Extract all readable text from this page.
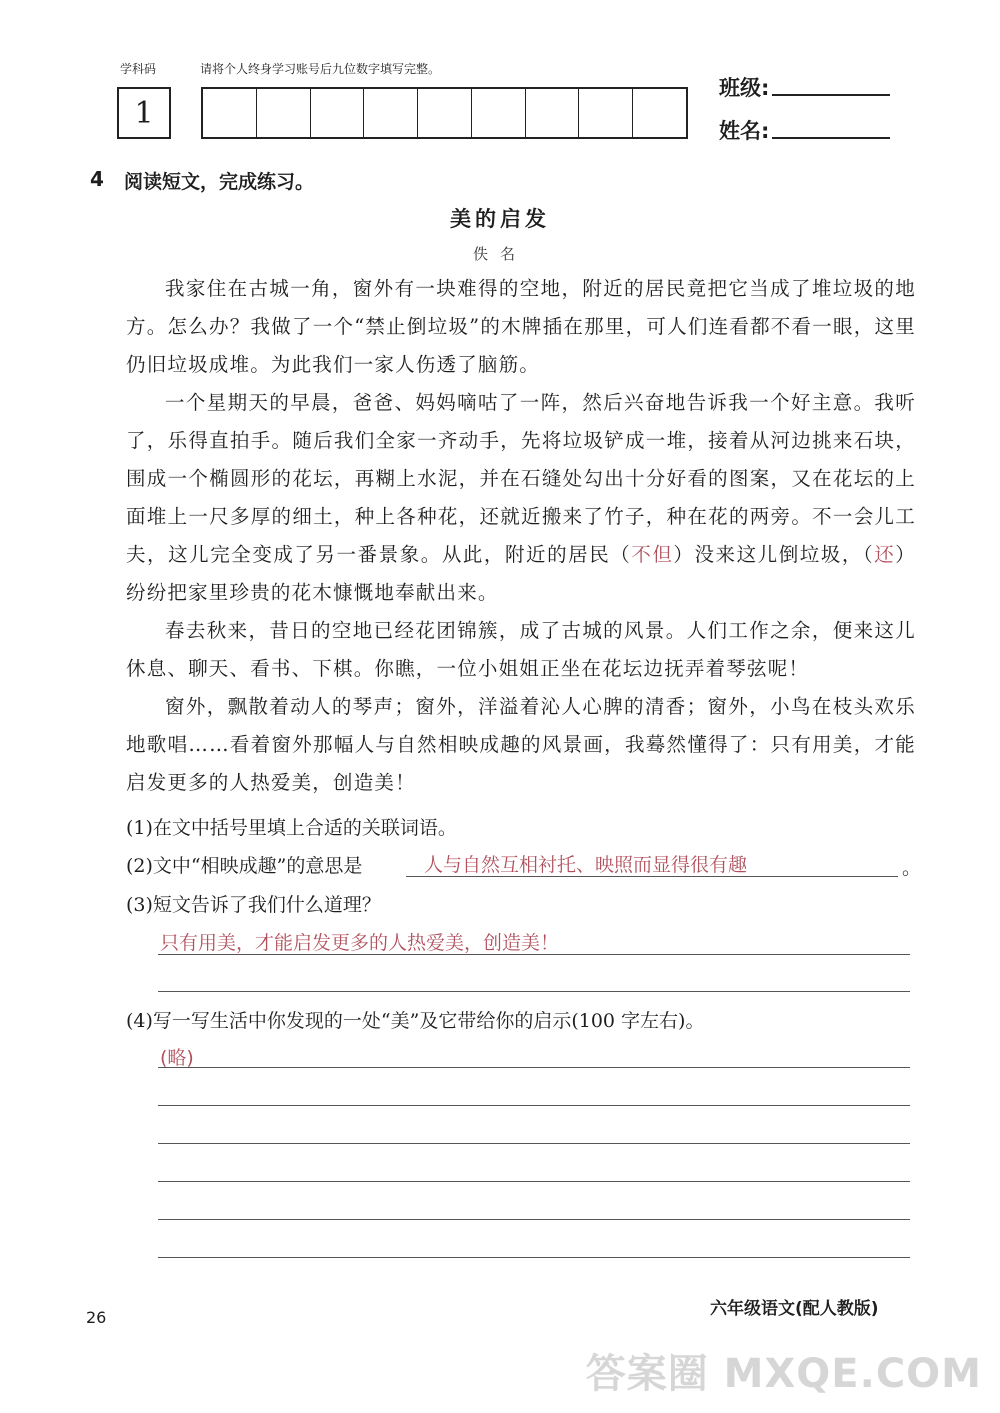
学科码	请将个人终身学习账号后九位数字填写完整。
1
班级:
姓名:
4 阅读短文，完成练习。
美的启发
佚名

我家住在古城一角，窗外有一块难得的空地，附近的居民竟把它当成了堆垃圾的地方。怎么办？我做了一个“禁止倒垃圾”的木牌插在那里，可人们连看都不看一眼，这里仍旧垃圾成堆。为此我们一家人伤透了脑筋。

一个星期天的早晨，爸爸、妈妈嘀咕了一阵，然后兴奋地告诉我一个好主意。我听了，乐得直拍手。随后我们全家一齐动手，先将垃圾铲成一堆，接着从河边挑来石块，围成一个椭圆形的花坛，再糊上水泥，并在石缝处勾出十分好看的图案，又在花坛的上面堆上一尺多厚的细土，种上各种花，还就近搬来了竹子，种在花的两旁。不一会儿工夫，这儿完全变成了另一番景象。从此，附近的居民（不但）没来这儿倒垃圾，（还）纷纷把家里珍贵的花木慷慨地奉献出来。

春去秋来，昔日的空地已经花团锦簇，成了古城的风景。人们工作之余，便来这儿休息、聊天、看书、下棋。你瞧，一位小姐姐正坐在花坛边抚弄着琴弦呢！

窗外，飘散着动人的琴声；窗外，洋溢着沁人心脾的清香；窗外，小鸟在枝头欢乐地歌唱……看着窗外那幅人与自然相映成趣的风景画，我蓦然懂得了：只有用美，才能启发更多的人热爱美，创造美！

(1)在文中括号里填上合适的关联词语。
(2)文中“相映成趣”的意思是	人与自然互相衬托、映照而显得很有趣	。
(3)短文告诉了我们什么道理？
只有用美，才能启发更多的人热爱美，创造美！
(4)写一写生活中你发现的一处“美”及它带给你的启示(100 字左右)。
(略)
26	六年级语文(配人教版)
答案圈 MXQE.COM
